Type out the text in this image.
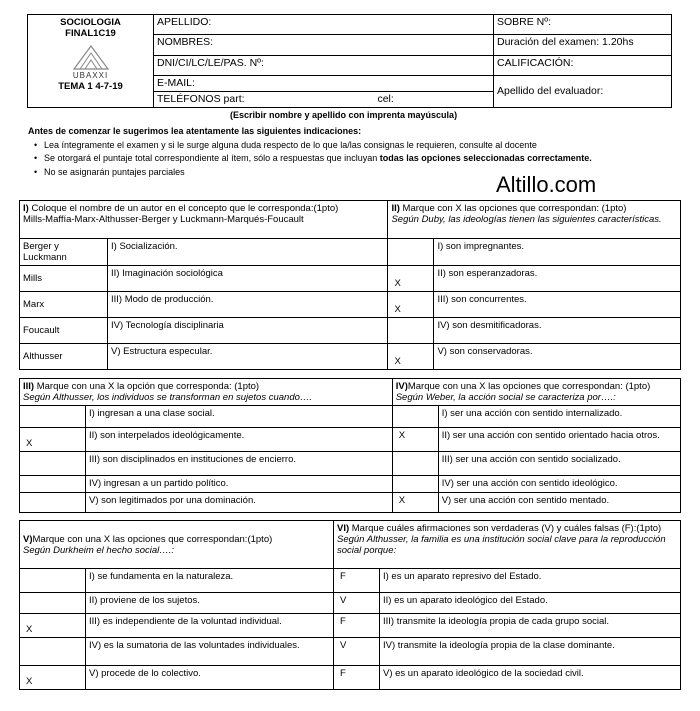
SOCIOLOGIA
FINAL1C19
UBAXXI
TEMA 1 4-7-19	APELLIDO:	SOBRE Nº:
	NOMBRES:	Duración del examen: 1.20hs
	DNI/CI/LC/LE/PAS. Nº:	CALIFICACIÓN:
	E-MAIL:	Apellido del evaluador:
	TELÉFONOS part: cel:	
(Escribir nombre y apellido con imprenta mayúscula)
Antes de comenzar le sugerimos lea atentamente las siguientes indicaciones:
• Lea íntegramente el examen y si le surge alguna duda respecto de lo que la/las consignas le requieren, consulte al docente
• Se otorgará el puntaje total correspondiente al ítem, sólo a respuestas que incluyan todas las opciones seleccionadas correctamente.
• No se asignarán puntajes parciales
Altillo.com
I) Coloque el nombre de un autor en el concepto que le corresponda:(1pto)
Mills-Maffía-Marx-Althusser-Berger y Luckmann-Marqués-Foucault		II) Marque con X las opciones que correspondan: (1pto)
Según Duby, las ideologías tienen las siguientes características.	
Berger y Luckmann	I) Socialización.		I) son impregnantes.
Mills	II) Imaginación sociológica	X	II) son esperanzadoras.
Marx	III) Modo de producción.	X	III) son concurrentes.
Foucault	IV) Tecnología disciplinaria		IV) son desmitificadoras.
Althusser	V) Estructura especular.	X	V) son conservadoras.
III) Marque con una X la opción que corresponda: (1pto)
Según Althusser, los individuos se transforman en sujetos cuando….		IV)Marque con una X las opciones que correspondan: (1pto)
Según Weber, la acción social se caracteriza por….:	
	I) ingresan a una clase social.		I) ser una acción con sentido internalizado.
X	II) son interpelados ideológicamente.	X	II) ser una acción con sentido orientado hacia otros.
	III) son disciplinados en instituciones de encierro.		III) ser una acción con sentido socializado.
	IV) ingresan a un partido político.		IV) ser una acción con sentido ideológico.
	V) son legitimados por una dominación.	X	V) ser una acción con sentido mentado.
V)Marque con una X las opciones que correspondan:(1pto)
Según Durkheim el hecho social….:		VI) Marque cuáles afirmaciones son verdaderas (V) y cuáles falsas (F):(1pto)
Según Althusser, la familia es una institución social clave para la reproducción social porque:	
	I) se fundamenta en la naturaleza.	F	I) es un aparato represivo del Estado.
	II) proviene de los sujetos.	V	II) es un aparato ideológico del Estado.
X	III) es independiente de la voluntad individual.	F	III) transmite la ideología propia de cada grupo social.
	IV) es la sumatoria de las voluntades individuales.	V	IV) transmite la ideología propia de la clase dominante.
X	V) procede de lo colectivo.	F	V) es un aparato ideológico de la sociedad civil.
